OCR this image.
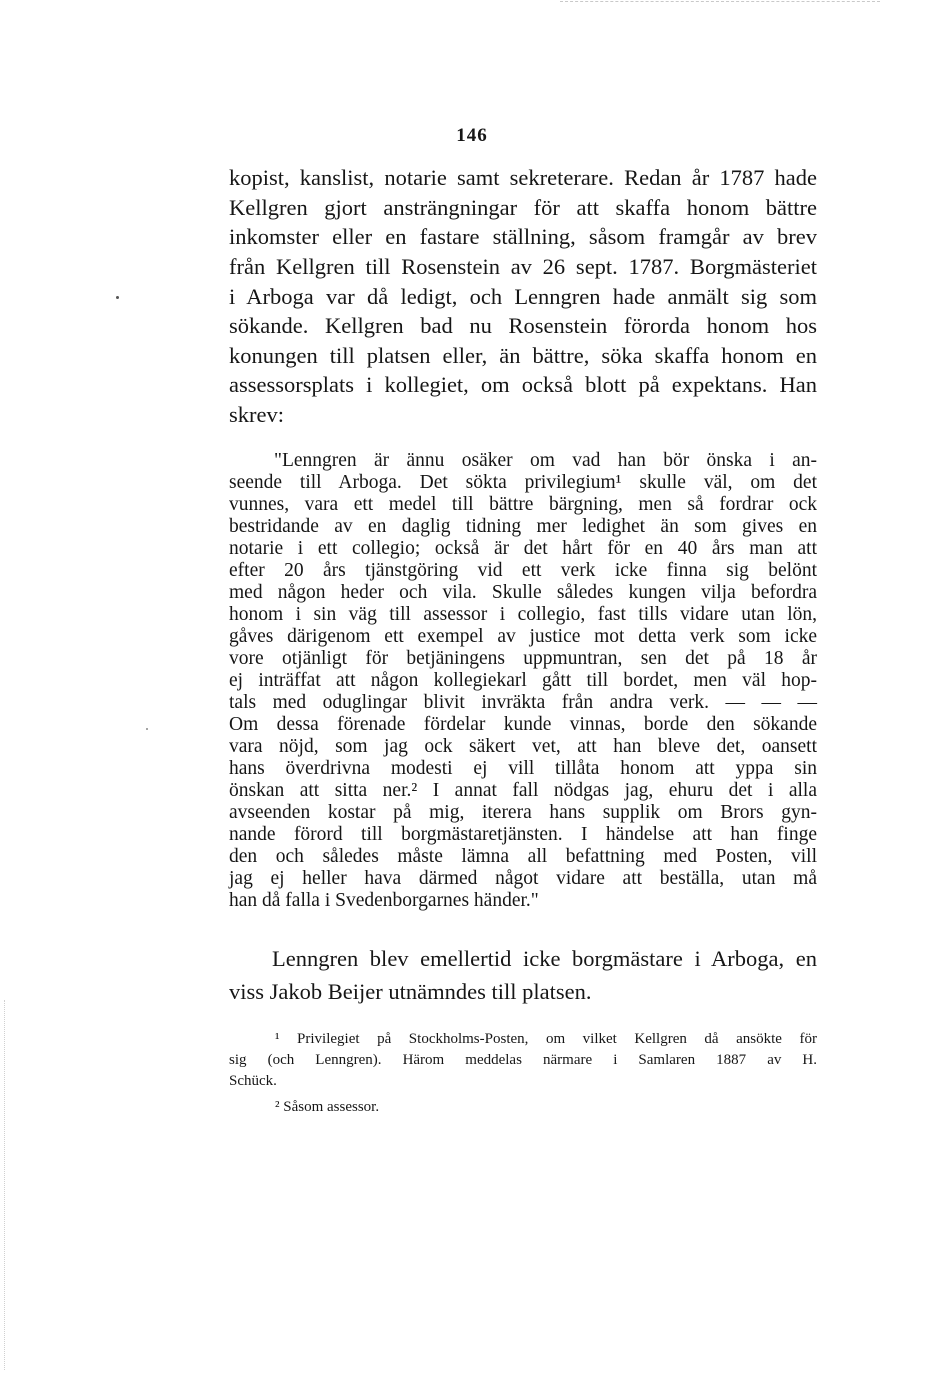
146
kopist, kanslist, notarie samt sekreterare. Redan år 1787 hade
Kellgren gjort ansträngningar för att skaffa honom bättre
inkomster eller en fastare ställning, såsom framgår av brev
från Kellgren till Rosenstein av 26 sept. 1787. Borgmästeriet
i Arboga var då ledigt, och Lenngren hade anmält sig som
sökande. Kellgren bad nu Rosenstein förorda honom hos
konungen till platsen eller, än bättre, söka skaffa honom en
assessorsplats i kollegiet, om också blott på expektans. Han
skrev:
"Lenngren är ännu osäker om vad han bör önska i an-
seende till Arboga. Det sökta privilegium¹ skulle väl, om det
vunnes, vara ett medel till bättre bärgning, men så fordrar ock
bestridande av en daglig tidning mer ledighet än som gives en
notarie i ett collegio; också är det hårt för en 40 års man att
efter 20 års tjänstgöring vid ett verk icke finna sig belönt
med någon heder och vila. Skulle således kungen vilja befordra
honom i sin väg till assessor i collegio, fast tills vidare utan lön,
gåves därigenom ett exempel av justice mot detta verk som icke
vore otjänligt för betjäningens uppmuntran, sen det på 18 år
ej inträffat att någon kollegiekarl gått till bordet, men väl hop-
tals med oduglingar blivit invräkta från andra verk. — — —
Om dessa förenade fördelar kunde vinnas, borde den sökande
vara nöjd, som jag ock säkert vet, att han bleve det, oansett
hans överdrivna modesti ej vill tillåta honom att yppa sin
önskan att sitta ner.² I annat fall nödgas jag, ehuru det i alla
avseenden kostar på mig, iterera hans supplik om Brors gyn-
nande förord till borgmästaretjänsten. I händelse att han finge
den och således måste lämna all befattning med Posten, vill
jag ej heller hava därmed något vidare att beställa, utan må
han då falla i Svedenborgarnes händer."
Lenngren blev emellertid icke borgmästare i Arboga, en
viss Jakob Beijer utnämndes till platsen.
¹ Privilegiet på Stockholms-Posten, om vilket Kellgren då ansökte för
sig (och Lenngren). Härom meddelas närmare i Samlaren 1887 av H.
Schück.
² Såsom assessor.
